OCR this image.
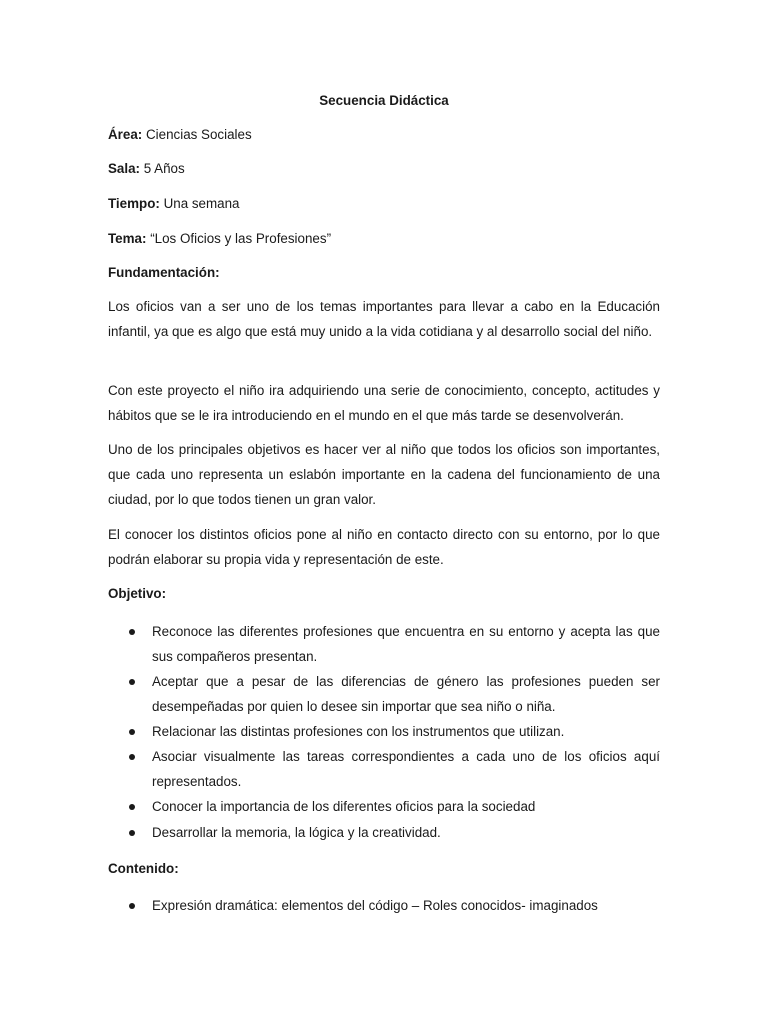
Secuencia Didáctica
Área: Ciencias Sociales
Sala: 5 Años
Tiempo: Una semana
Tema: “Los Oficios y las Profesiones”
Fundamentación:
Los oficios van a ser uno de los temas importantes para llevar a cabo en la Educación infantil, ya que es algo que está muy unido a la vida cotidiana y al desarrollo social del niño.
Con este proyecto el niño ira adquiriendo una serie de conocimiento, concepto, actitudes y hábitos que se le ira introduciendo en el mundo en el que más tarde se desenvolverán.
Uno de los principales objetivos es hacer ver al niño que todos los oficios son importantes, que cada uno representa un eslabón importante en la cadena del funcionamiento de una ciudad, por lo que todos tienen un gran valor.
El conocer los distintos oficios pone al niño en contacto directo con su entorno, por lo que podrán elaborar su propia vida y representación de este.
Objetivo:
Reconoce las diferentes profesiones que encuentra en su entorno y acepta las que sus compañeros presentan.
Aceptar que a pesar de las diferencias de género las profesiones pueden ser desempeñadas por quien lo desee sin importar que sea niño o niña.
Relacionar las distintas profesiones con los instrumentos que utilizan.
Asociar visualmente las tareas correspondientes a cada uno de los oficios aquí representados.
Conocer la importancia de los diferentes oficios para la sociedad
Desarrollar la memoria, la lógica y la creatividad.
Contenido:
Expresión dramática: elementos del código – Roles conocidos- imaginados
